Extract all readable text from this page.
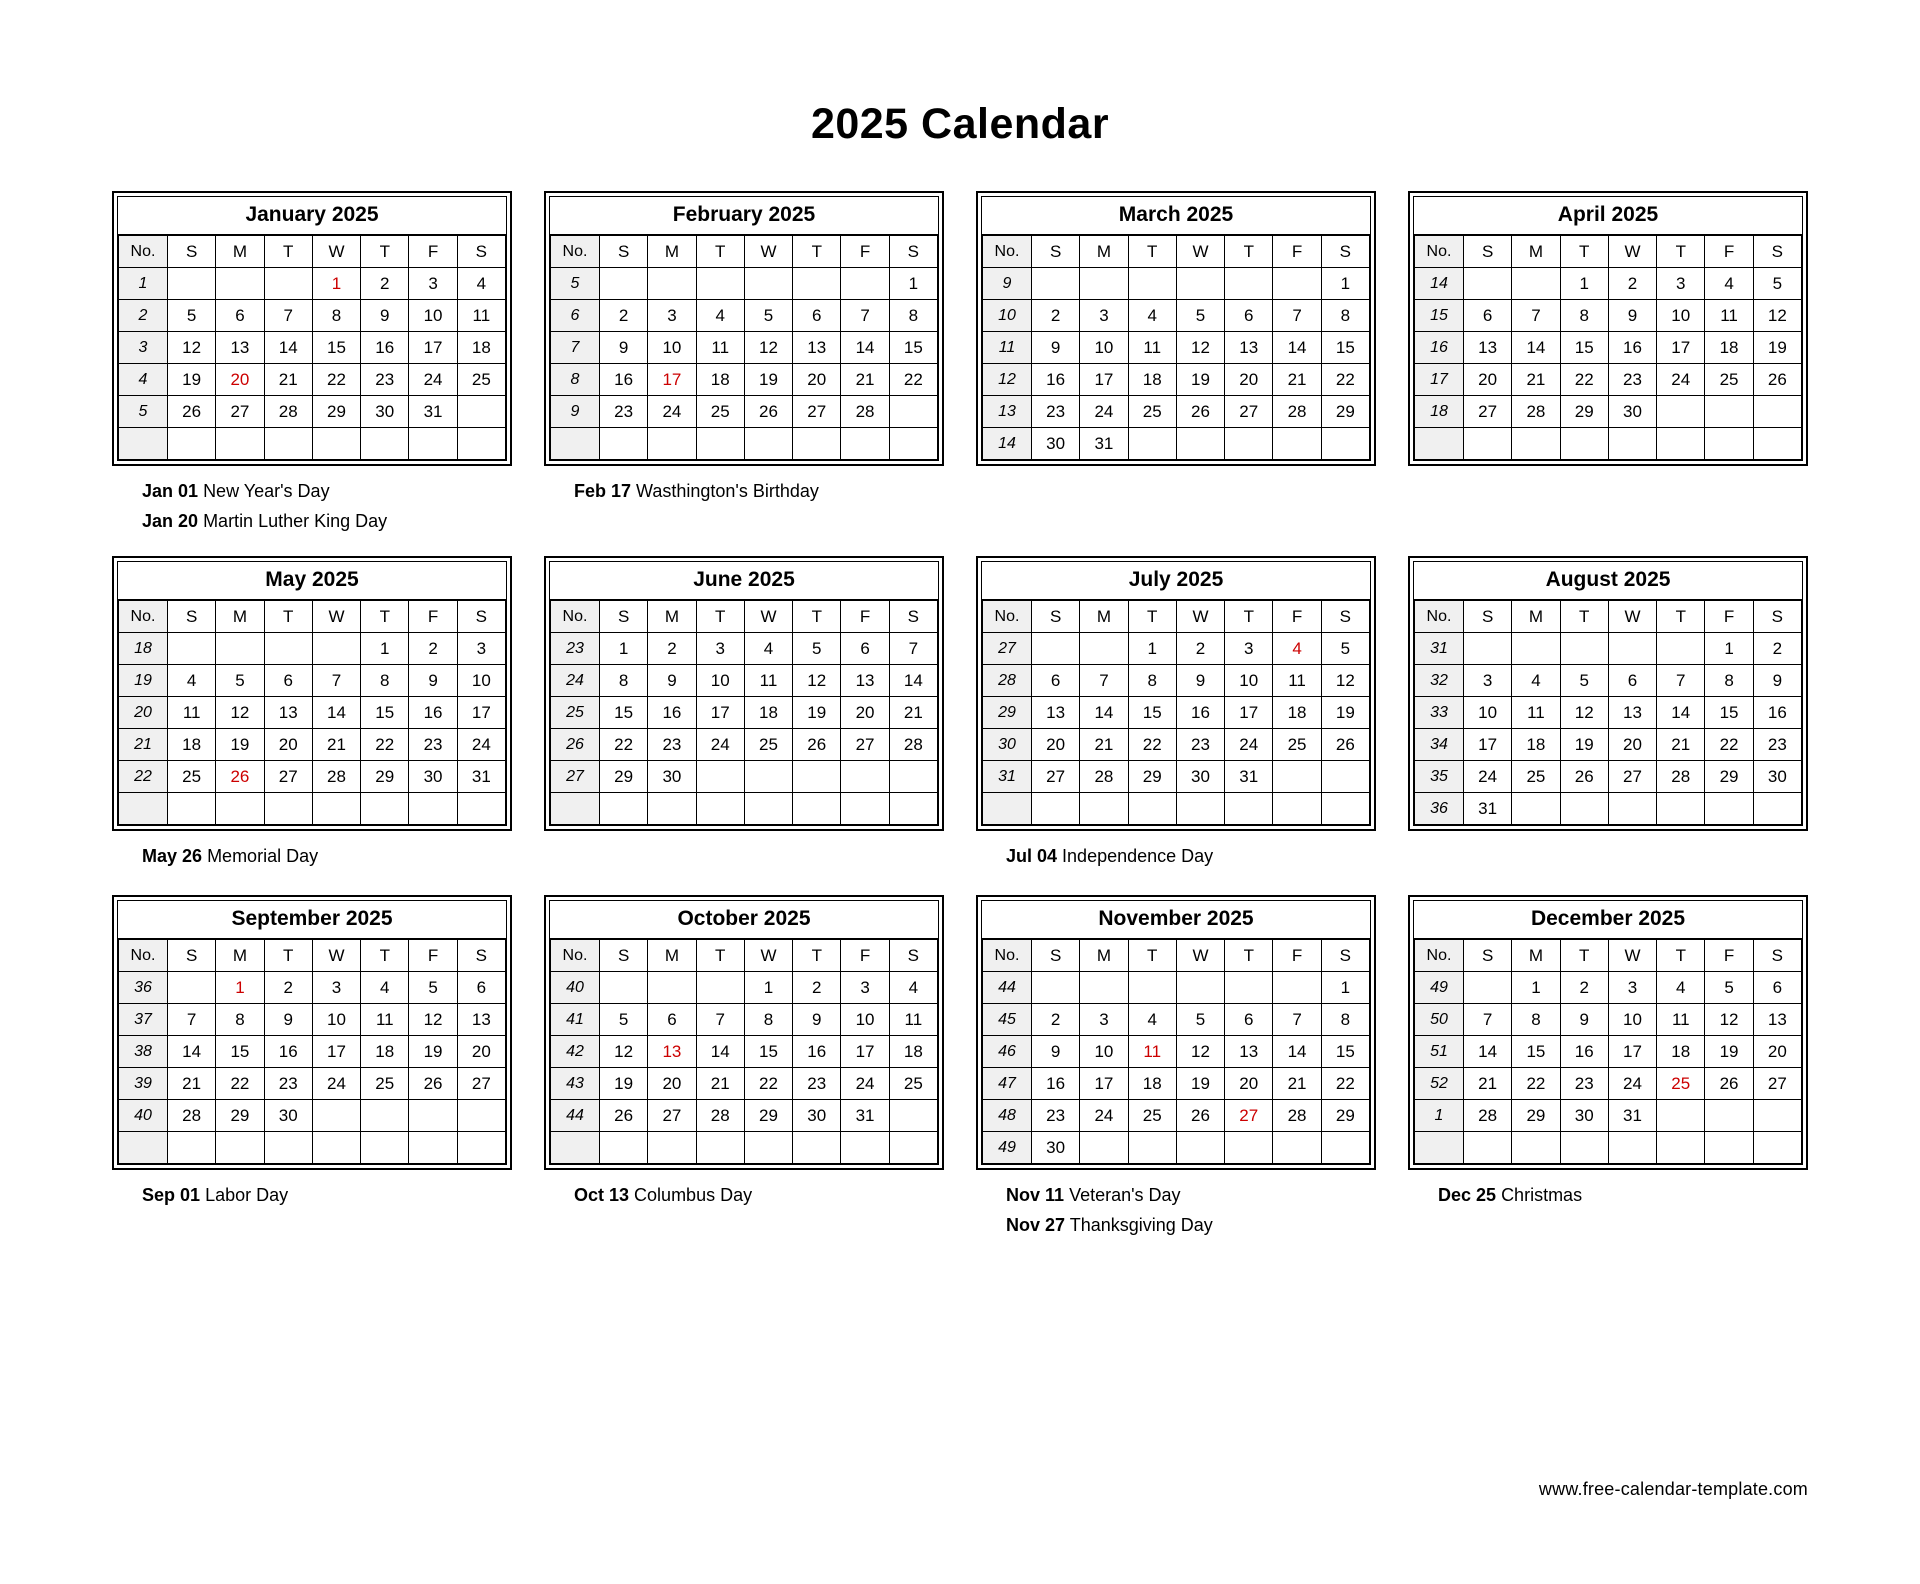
2025 Calendar
January 2025
No.	S	M	T	W	T	F	S
1				1	2	3	4
2	5	6	7	8	9	10	11
3	12	13	14	15	16	17	18
4	19	20	21	22	23	24	25
5	26	27	28	29	30	31	

Jan 01 New Year's Day
Jan 20 Martin Luther King Day
February 2025
No.	S	M	T	W	T	F	S
5							1
6	2	3	4	5	6	7	8
7	9	10	11	12	13	14	15
8	16	17	18	19	20	21	22
9	23	24	25	26	27	28	

Feb 17 Wasthington's Birthday
March 2025
No.	S	M	T	W	T	F	S
9							1
10	2	3	4	5	6	7	8
11	9	10	11	12	13	14	15
12	16	17	18	19	20	21	22
13	23	24	25	26	27	28	29
14	30	31					
April 2025
No.	S	M	T	W	T	F	S
14			1	2	3	4	5
15	6	7	8	9	10	11	12
16	13	14	15	16	17	18	19
17	20	21	22	23	24	25	26
18	27	28	29	30			

May 2025
No.	S	M	T	W	T	F	S
18					1	2	3
19	4	5	6	7	8	9	10
20	11	12	13	14	15	16	17
21	18	19	20	21	22	23	24
22	25	26	27	28	29	30	31

May 26 Memorial Day
June 2025
No.	S	M	T	W	T	F	S
23	1	2	3	4	5	6	7
24	8	9	10	11	12	13	14
25	15	16	17	18	19	20	21
26	22	23	24	25	26	27	28
27	29	30					

July 2025
No.	S	M	T	W	T	F	S
27			1	2	3	4	5
28	6	7	8	9	10	11	12
29	13	14	15	16	17	18	19
30	20	21	22	23	24	25	26
31	27	28	29	30	31		

Jul 04 Independence Day
August 2025
No.	S	M	T	W	T	F	S
31						1	2
32	3	4	5	6	7	8	9
33	10	11	12	13	14	15	16
34	17	18	19	20	21	22	23
35	24	25	26	27	28	29	30
36	31						
September 2025
No.	S	M	T	W	T	F	S
36		1	2	3	4	5	6
37	7	8	9	10	11	12	13
38	14	15	16	17	18	19	20
39	21	22	23	24	25	26	27
40	28	29	30				

Sep 01 Labor Day
October 2025
No.	S	M	T	W	T	F	S
40				1	2	3	4
41	5	6	7	8	9	10	11
42	12	13	14	15	16	17	18
43	19	20	21	22	23	24	25
44	26	27	28	29	30	31	

Oct 13 Columbus Day
November 2025
No.	S	M	T	W	T	F	S
44							1
45	2	3	4	5	6	7	8
46	9	10	11	12	13	14	15
47	16	17	18	19	20	21	22
48	23	24	25	26	27	28	29
49	30						
Nov 11 Veteran's Day
Nov 27 Thanksgiving Day
December 2025
No.	S	M	T	W	T	F	S
49		1	2	3	4	5	6
50	7	8	9	10	11	12	13
51	14	15	16	17	18	19	20
52	21	22	23	24	25	26	27
1	28	29	30	31			

Dec 25 Christmas
www.free-calendar-template.com
